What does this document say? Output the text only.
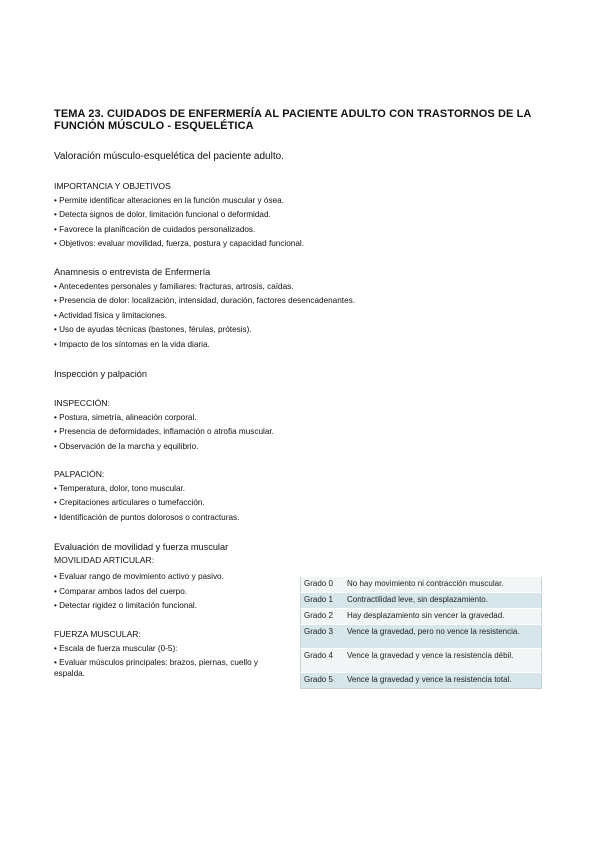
TEMA 23. CUIDADOS DE ENFERMERÍA AL PACIENTE ADULTO CON TRASTORNOS DE LA FUNCIÓN MÚSCULO - ESQUELÉTICA
Valoración músculo-esquelética del paciente adulto.
IMPORTANCIA Y OBJETIVOS
• Permite identificar alteraciones en la función muscular y ósea.
• Detecta signos de dolor, limitación funcional o deformidad.
• Favorece la planificación de cuidados personalizados.
• Objetivos: evaluar movilidad, fuerza, postura y capacidad funcional.
Anamnesis o entrevista de Enfermería
• Antecedentes personales y familiares: fracturas, artrosis, caídas.
• Presencia de dolor: localización, intensidad, duración, factores desencadenantes.
• Actividad física y limitaciones.
• Uso de ayudas técnicas (bastones, férulas, prótesis).
• Impacto de los síntomas en la vida diaria.
Inspección y palpación
INSPECCIÓN:
• Postura, simetría, alineación corporal.
• Presencia de deformidades, inflamación o atrofia muscular.
• Observación de la marcha y equilibrio.
PALPACIÓN:
• Temperatura, dolor, tono muscular.
• Crepitaciones articulares o tumefacción.
• Identificación de puntos dolorosos o contracturas.
Evaluación de movilidad y fuerza muscular
MOVILIDAD ARTICULAR:
• Evaluar rango de movimiento activo y pasivo.
• Comparar ambos lados del cuerpo.
• Detectar rigidez o limitación funcional.
FUERZA MUSCULAR:
• Escala de fuerza muscular (0-5):
• Evaluar músculos principales: brazos, piernas, cuello y espalda.
Grado 0	No hay movimiento ni contracción muscular.
Grado 1	Contractilidad leve, sin desplazamiento.
Grado 2	Hay desplazamiento sin vencer la gravedad.
Grado 3	Vence la gravedad, pero no vence la resistencia.
Grado 4	Vence la gravedad y vence la resistencia débil.
Grado 5	Vence la gravedad y vence la resistencia total.
